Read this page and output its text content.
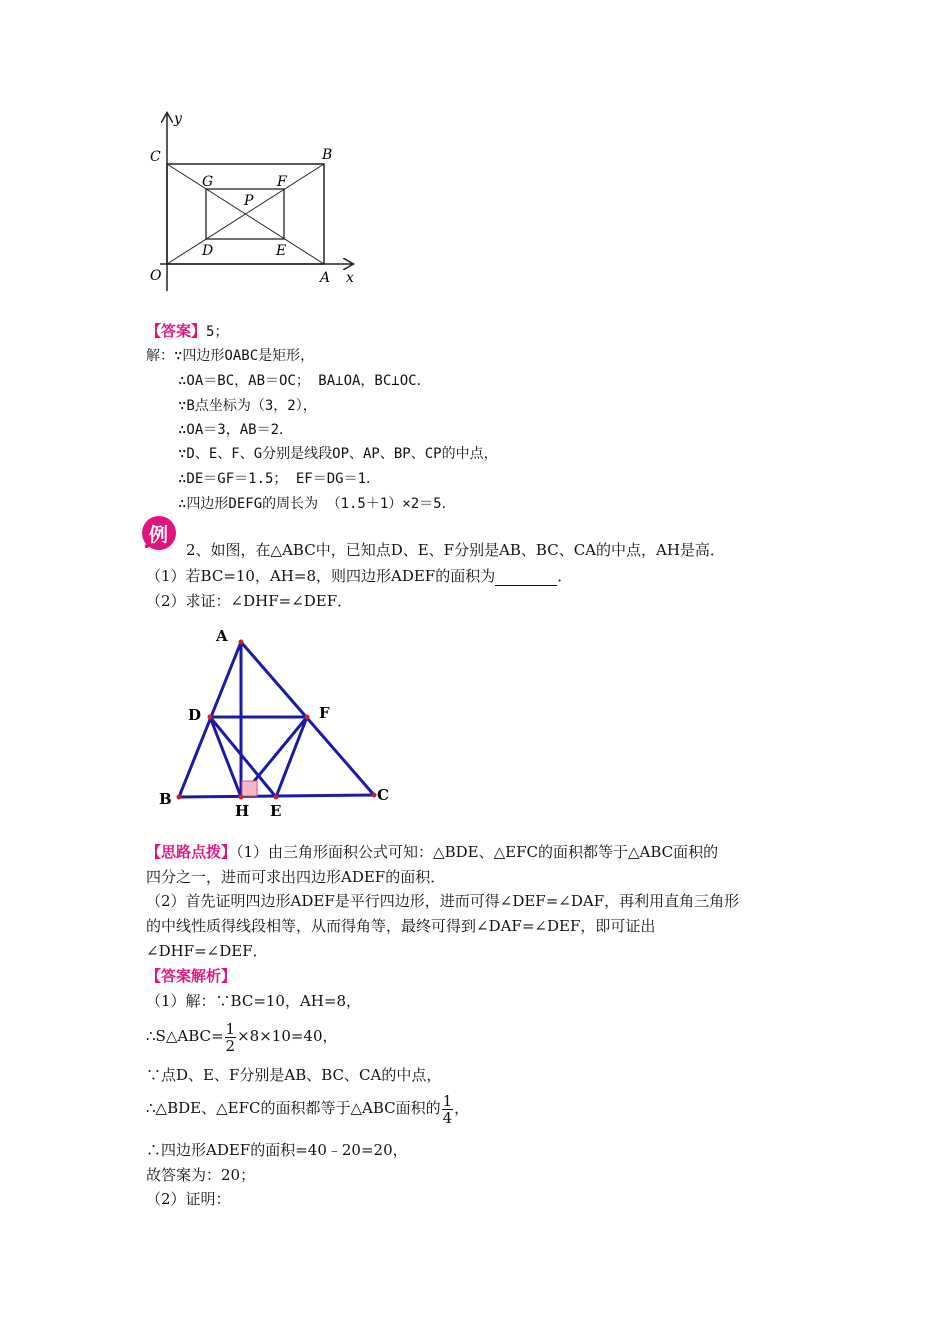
y
x
O	A
B
C
D	E
F
G
P
【答案】5；
解：∵四边形OABC是矩形，
∴OA＝BC，AB＝OC； BA⊥OA，BC⊥OC．
∵B点坐标为（3，2），
∴OA＝3，AB＝2．
∵D、E、F、G分别是线段OP、AP、BP、CP的中点，
∴DE＝GF＝1.5； EF＝DG＝1．
∴四边形DEFG的周长为 （1.5＋1）×2＝5．
例
2、如图，在△ABC中，已知点D、E、F分别是AB、BC、CA的中点，AH是高．
（1）若BC=10，AH=8，则四边形ADEF的面积为	．
（2）求证：∠DHF=∠DEF．
A
B	C
D	F
H E
【思路点拨】（1）由三角形面积公式可知：△BDE、△EFC的面积都等于△ABC面积的
四分之一，进而可求出四边形ADEF的面积．
（2）首先证明四边形ADEF是平行四边形，进而可得∠DEF=∠DAF，再利用直角三角形
的中线性质得线段相等，从而得角等，最终可得到∠DAF=∠DEF，即可证出
∠DHF=∠DEF．
【答案解析】
（1）解：∵BC=10，AH=8，
∴S△ABC= $\frac{1}{2} \times 8\times 10=40$，
∵点D、E、F分别是AB、BC、CA的中点，
∴△BDE、△EFC的面积都等于△ABC面积的 $\frac{1}{4}$ ，
∴四边形ADEF的面积=40﹣20=20，
故答案为：20；
（2）证明：
